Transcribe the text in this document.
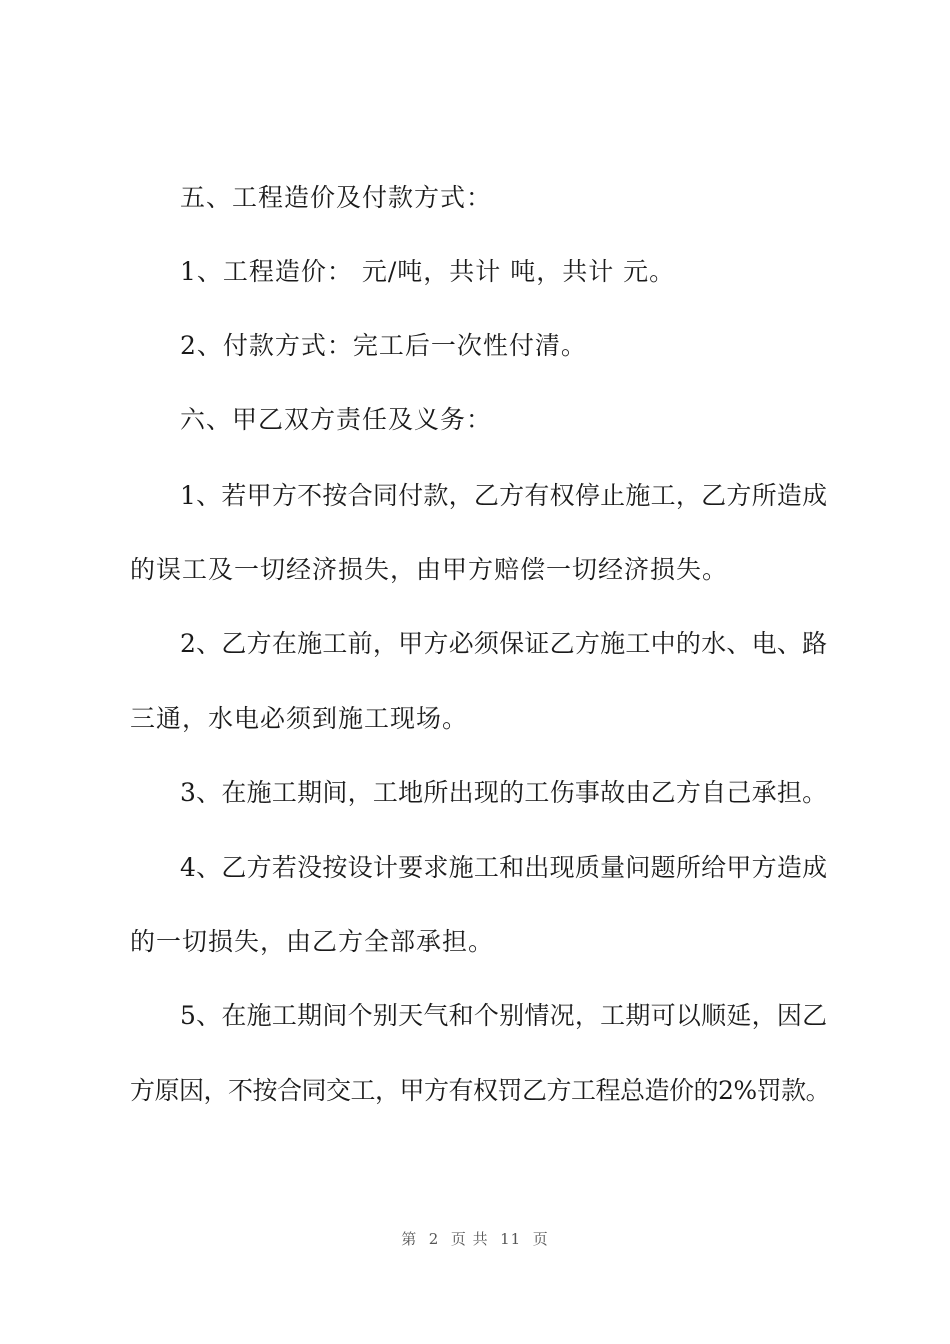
五、工程造价及付款方式：
1、工程造价： 元/吨，共计 吨，共计 元。
2、付款方式：完工后一次性付清。
六、甲乙双方责任及义务：
1、若甲方不按合同付款，乙方有权停止施工，乙方所造成
的误工及一切经济损失，由甲方赔偿一切经济损失。
2、乙方在施工前，甲方必须保证乙方施工中的水、电、路
三通，水电必须到施工现场。
3、在施工期间，工地所出现的工伤事故由乙方自己承担。
4、乙方若没按设计要求施工和出现质量问题所给甲方造成
的一切损失，由乙方全部承担。
5、在施工期间个别天气和个别情况，工期可以顺延，因乙
方原因，不按合同交工，甲方有权罚乙方工程总造价的2%罚款。
第  2  页 共  11  页
